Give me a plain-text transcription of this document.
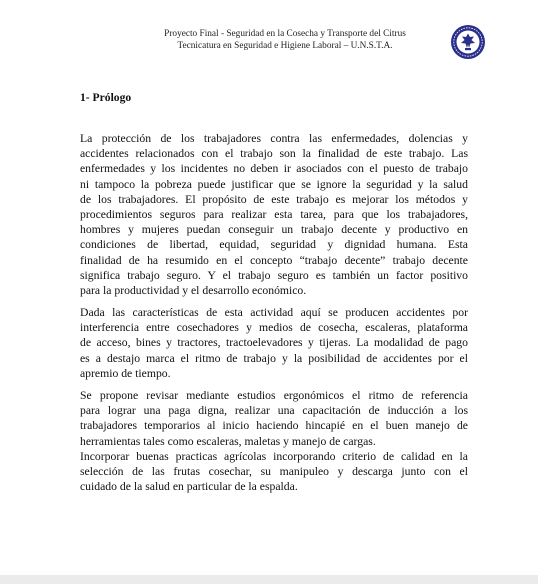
Proyecto Final - Seguridad en la Cosecha y Transporte del Citrus
Tecnicatura en Seguridad e Higiene Laboral – U.N.S.T.A.
1- Prólogo
La protección de los trabajadores contra las enfermedades, dolencias y
accidentes relacionados con el trabajo son la finalidad de este trabajo. Las
enfermedades y los incidentes no deben ir asociados con el puesto de trabajo
ni tampoco la pobreza puede justificar que se ignore la seguridad y la salud
de los trabajadores. El propósito de este trabajo es mejorar los métodos y
procedimientos seguros para realizar esta tarea, para que los trabajadores,
hombres y mujeres puedan conseguir un trabajo decente y productivo en
condiciones de libertad, equidad, seguridad y dignidad humana. Esta
finalidad de ha resumido en el concepto “trabajo decente” trabajo decente
significa trabajo seguro. Y el trabajo seguro es también un factor positivo
para la productividad y el desarrollo económico.
Dada las características de esta actividad aquí se producen accidentes por
interferencia entre cosechadores y medios de cosecha, escaleras, plataforma
de acceso, bines y tractores, tractoelevadores y tijeras. La modalidad de pago
es a destajo marca el ritmo de trabajo y la posibilidad de accidentes por el
apremio de tiempo.
Se propone revisar mediante estudios ergonómicos el ritmo de referencia
para lograr una paga digna, realizar una capacitación de inducción a los
trabajadores temporarios al inicio haciendo hincapié en el buen manejo de
herramientas tales como escaleras, maletas y manejo de cargas.
Incorporar buenas practicas agrícolas incorporando criterio de calidad en la
selección de las frutas cosechar, su manipuleo y descarga junto con el
cuidado de la salud en particular de la espalda.
